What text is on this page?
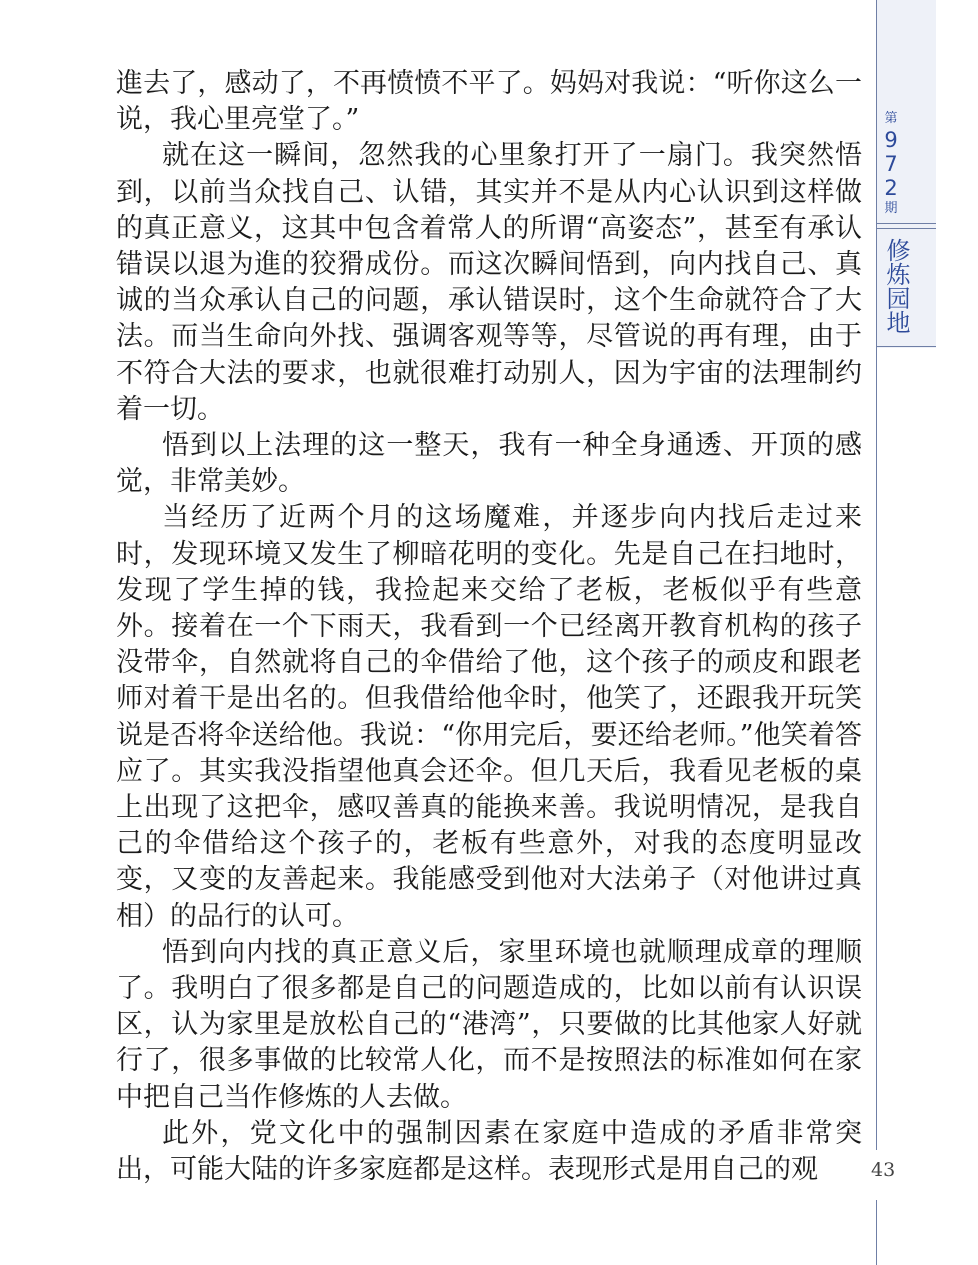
第
9
7
2
期
修炼园地

進去了，感动了，不再愤愤不平了。妈妈对我说：“听你这么一说，我心里亮堂了。”

就在这一瞬间，忽然我的心里象打开了一扇门。我突然悟到，以前当众找自己、认错，其实并不是从内心认识到这样做的真正意义，这其中包含着常人的所谓“高姿态”，甚至有承认错误以退为進的狡猾成份。而这次瞬间悟到，向内找自己、真诚的当众承认自己的问题，承认错误时，这个生命就符合了大法。而当生命向外找、强调客观等等，尽管说的再有理，由于不符合大法的要求，也就很难打动别人，因为宇宙的法理制约着一切。

悟到以上法理的这一整天，我有一种全身通透、开顶的感觉，非常美妙。

当经历了近两个月的这场魔难，并逐步向内找后走过来时，发现环境又发生了柳暗花明的变化。先是自己在扫地时，发现了学生掉的钱，我捡起来交给了老板，老板似乎有些意外。接着在一个下雨天，我看到一个已经离开教育机构的孩子没带伞，自然就将自己的伞借给了他，这个孩子的顽皮和跟老师对着干是出名的。但我借给他伞时，他笑了，还跟我开玩笑说是否将伞送给他。我说：“你用完后，要还给老师。”他笑着答应了。其实我没指望他真会还伞。但几天后，我看见老板的桌上出现了这把伞，感叹善真的能换来善。我说明情况，是我自己的伞借给这个孩子的，老板有些意外，对我的态度明显改变，又变的友善起来。我能感受到他对大法弟子（对他讲过真相）的品行的认可。

悟到向内找的真正意义后，家里环境也就顺理成章的理顺了。我明白了很多都是自己的问题造成的，比如以前有认识误区，认为家里是放松自己的“港湾”，只要做的比其他家人好就行了，很多事做的比较常人化，而不是按照法的标准如何在家中把自己当作修炼的人去做。

此外，党文化中的强制因素在家庭中造成的矛盾非常突出，可能大陆的许多家庭都是这样。表现形式是用自己的观	43
